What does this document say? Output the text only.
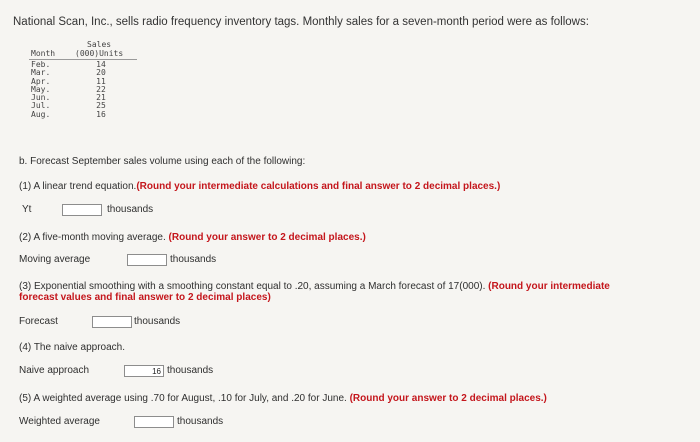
National Scan, Inc., sells radio frequency inventory tags. Monthly sales for a seven-month period were as follows:
Sales
Month (000)Units
Feb.	14
Mar.	20
Apr.	11
May.	22
Jun.	21
Jul.	25
Aug.	16
b. Forecast September sales volume using each of the following:
(1) A linear trend equation.(Round your intermediate calculations and final answer to 2 decimal places.)
Yt	thousands
(2) A five-month moving average. (Round your answer to 2 decimal places.)
Moving average	thousands
(3) Exponential smoothing with a smoothing constant equal to .20, assuming a March forecast of 17(000). (Round your intermediate
forecast values and final answer to 2 decimal places)
Forecast	thousands
(4) The naive approach.
Naive approach
16	thousands
(5) A weighted average using .70 for August, .10 for July, and .20 for June. (Round your answer to 2 decimal places.)
Weighted average	thousands
